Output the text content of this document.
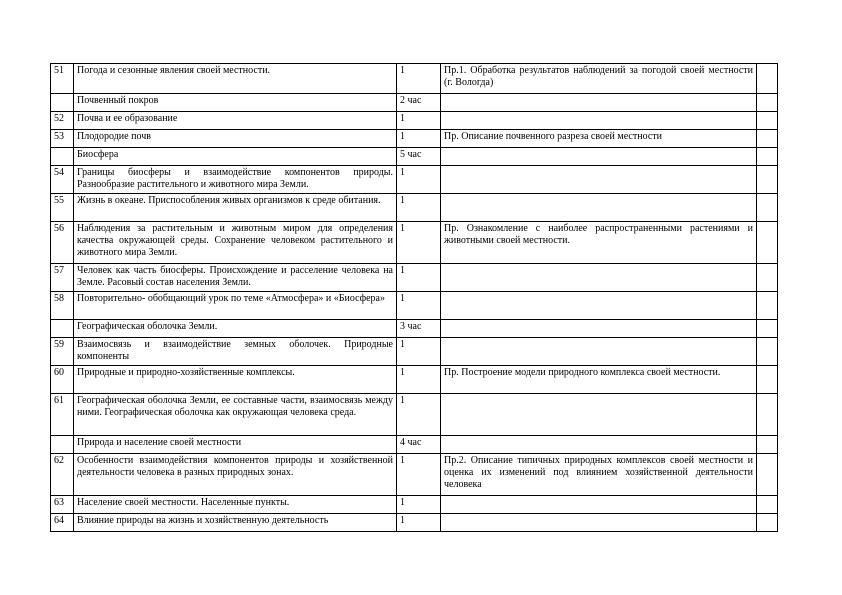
51	Погода и сезонные явления своей местности.	1	Пр.1. Обработка результатов наблюдений за погодой своей местности (г. Вологда)	
	Почвенный покров	2 час		
52	Почва и ее образование	1		
53	Плодородие почв	1	Пр. Описание почвенного разреза своей местности	
	Биосфера	5 час		
54	Границы биосферы и взаимодействие компонентов природы. Разнообразие растительного и животного мира Земли.	1		
55	Жизнь в океане. Приспособления живых организмов к среде обитания.	1		
56	Наблюдения за растительным и животным миром для определения качества окружающей среды. Сохранение человеком растительного и животного мира Земли.	1	Пр. Ознакомление с наиболее распространенными растениями и животными своей местности.	
57	Человек как часть биосферы. Происхождение и расселение человека на Земле. Расовый состав населения Земли.	1		
58	Повторительно- обобщающий урок по теме «Атмосфера» и «Биосфера»	1		
	Географическая оболочка Земли.	3 час		
59	Взаимосвязь и взаимодействие земных оболочек. Природные компоненты	1		
60	Природные и природно-хозяйственные комплексы.	1	Пр. Построение модели природного комплекса своей местности.	
61	Географическая оболочка Земли, ее составные части, взаимосвязь между ними. Географическая оболочка как окружающая человека среда.	1		
	Природа и население своей местности	4 час		
62	Особенности взаимодействия компонентов природы и хозяйственной деятельности человека в разных природных зонах.	1	Пр.2. Описание типичных природных комплексов своей местности и оценка их изменений под влиянием хозяйственной деятельности человека	
63	Население своей местности. Населенные пункты.	1		
64	Влияние природы на жизнь и хозяйственную деятельность	1		
